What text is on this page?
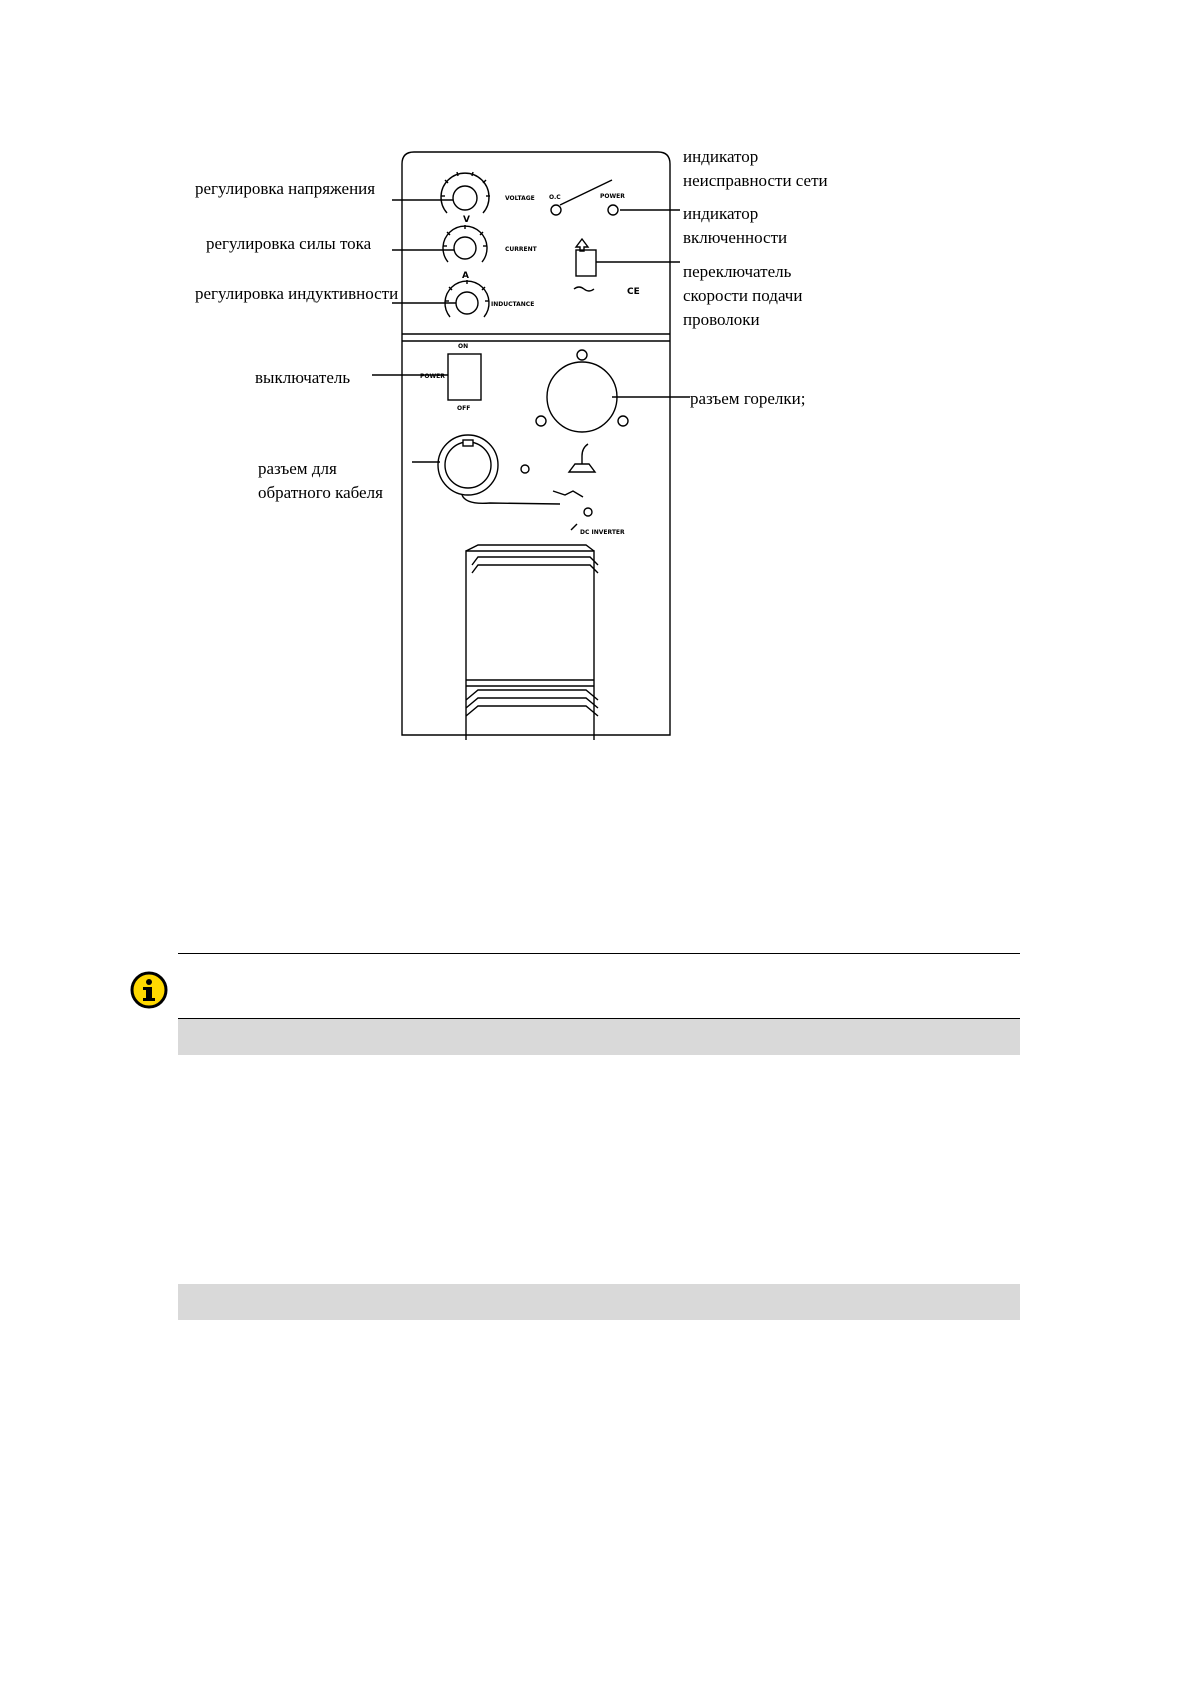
VOLTAGE
CURRENT
INDUCTANCE
V
A
O.C	POWER
ON
OFF
POWER
CE
DC INVERTER
регулировка напряжения
регулировка силы тока
регулировка индуктивности
выключатель
разъем для
обратного кабеля
индикатор
неисправности сети
индикатор
включенности
переключатель
скорости подачи
проволоки
разъем горелки;
